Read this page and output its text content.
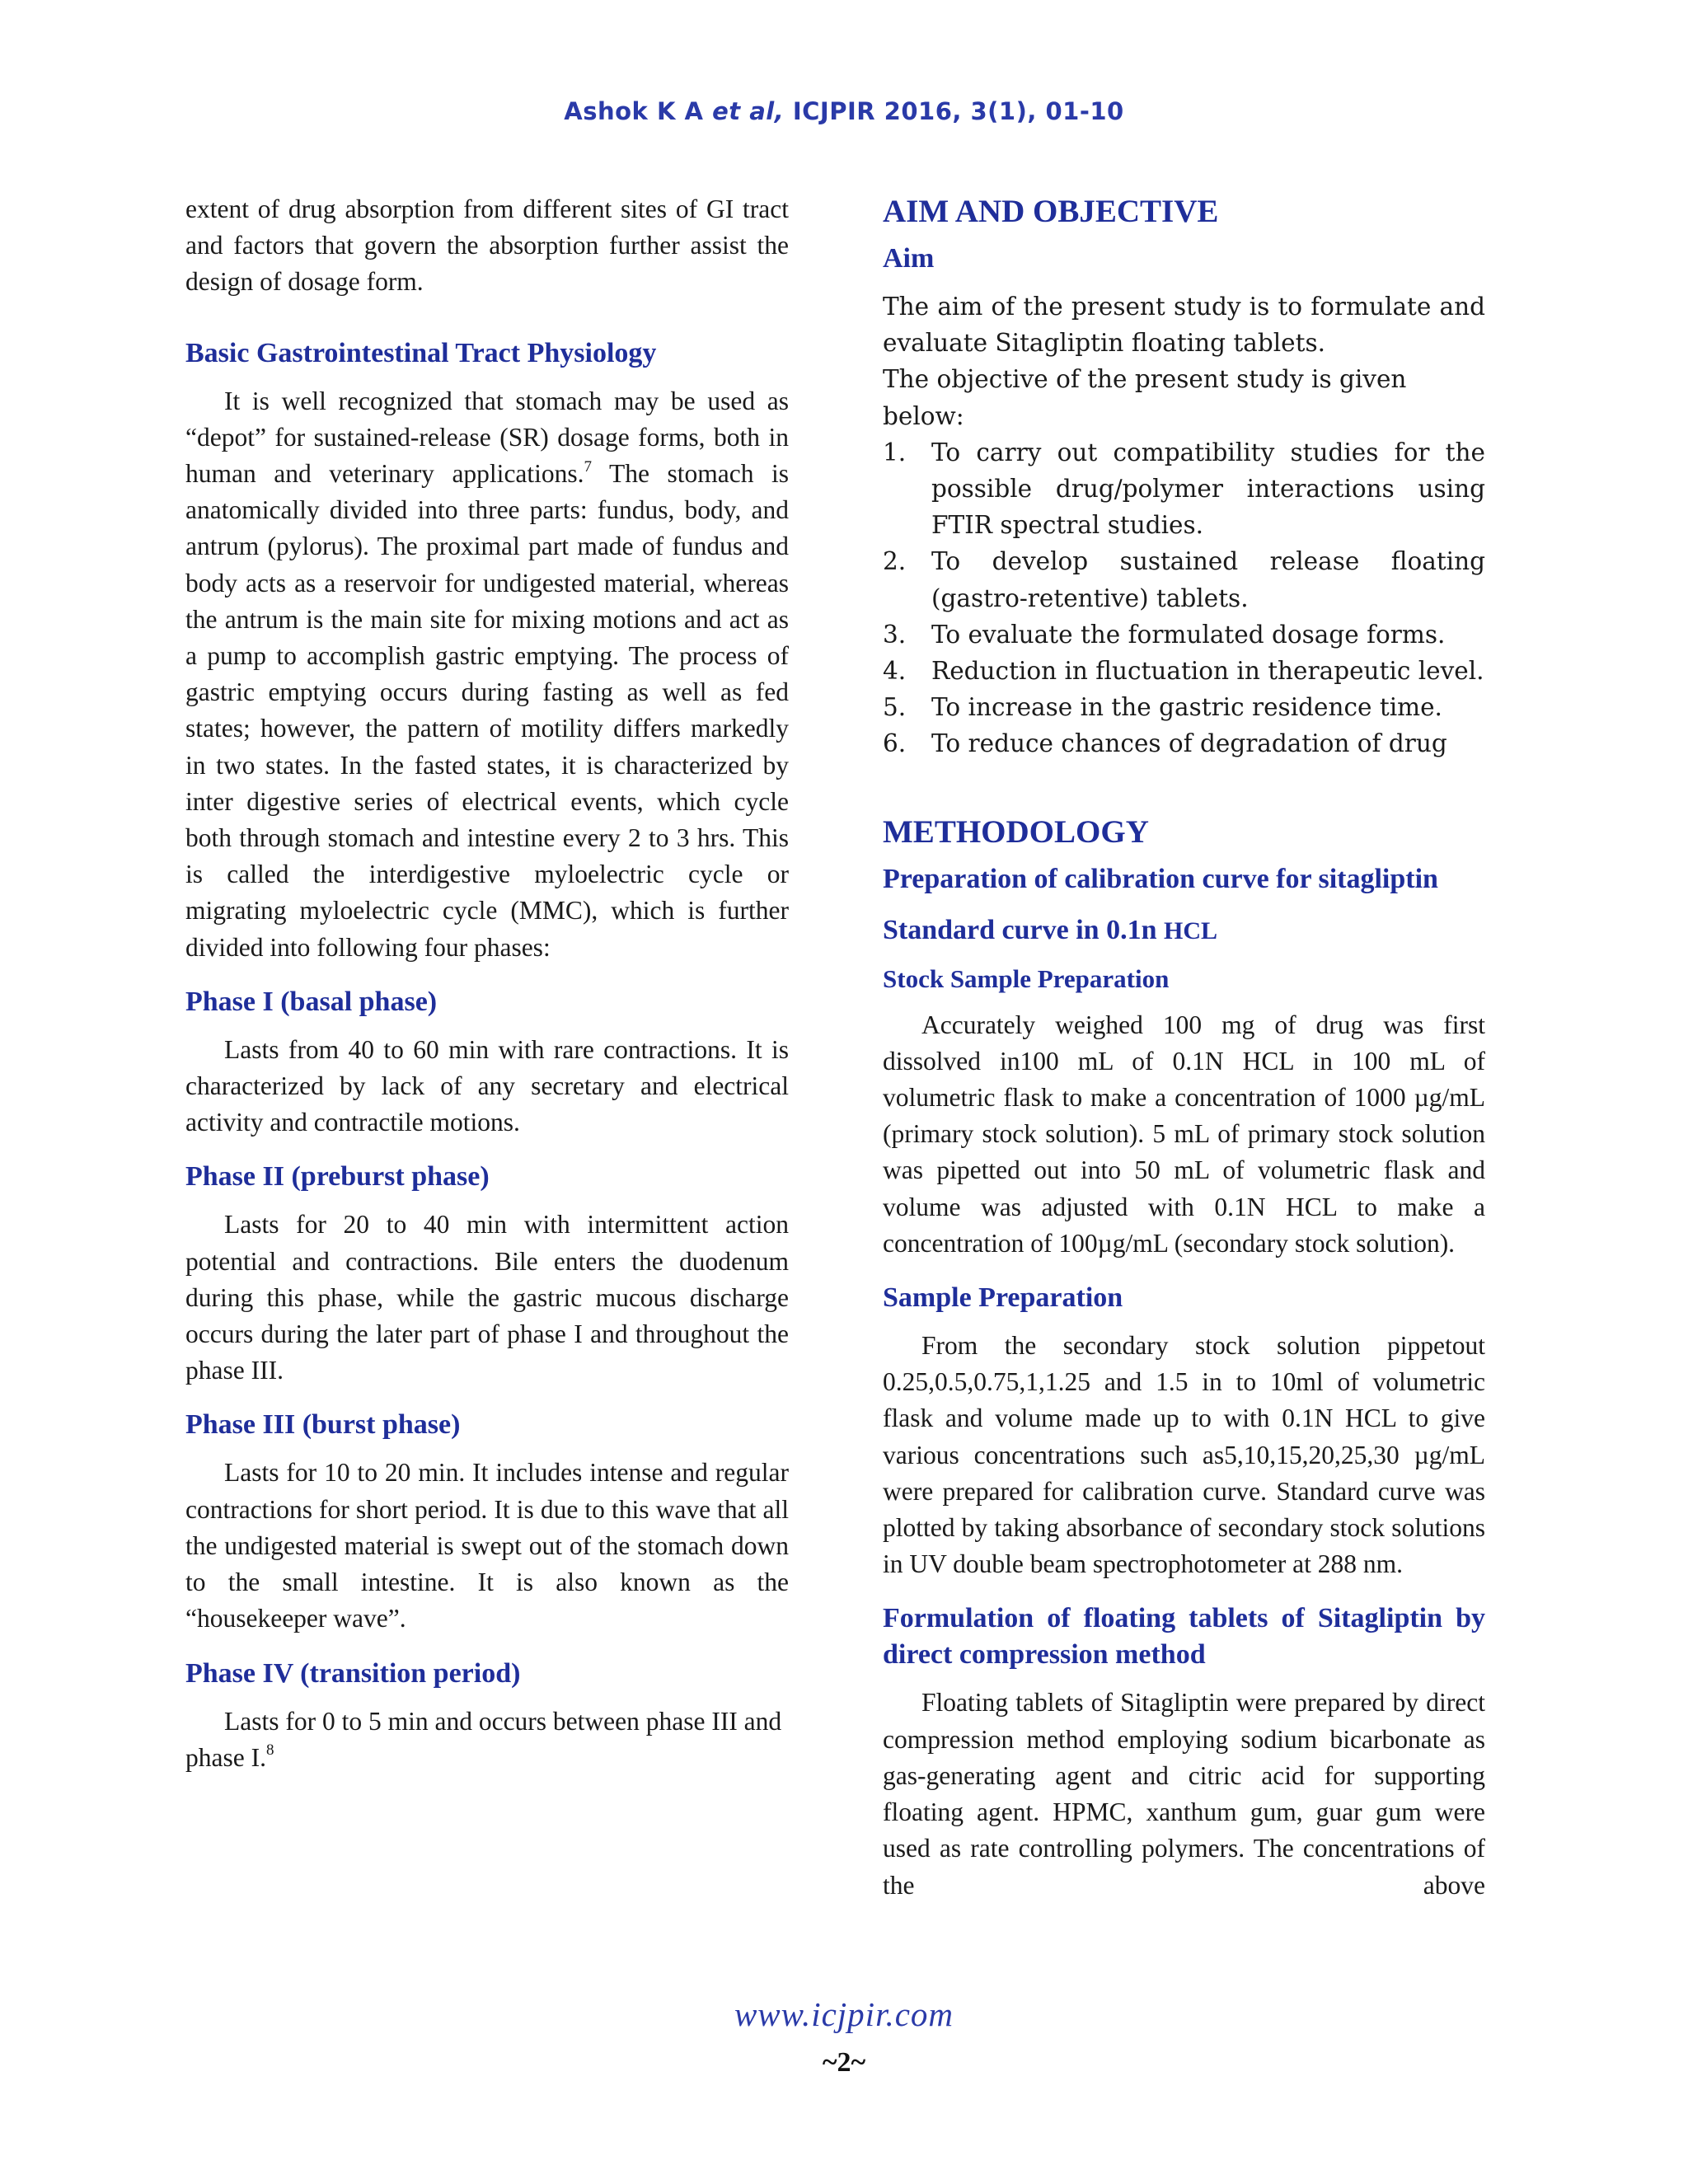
Ashok K A et al, ICJPIR 2016, 3(1), 01-10

extent of drug absorption from different sites of GI tract and factors that govern the absorption further assist the design of dosage form.

Basic Gastrointestinal Tract Physiology

It is well recognized that stomach may be used as “depot” for sustained-release (SR) dosage forms, both in human and veterinary applications.$^7$ The stomach is anatomically divided into three parts: fundus, body, and antrum (pylorus). The proximal part made of fundus and body acts as a reservoir for undigested material, whereas the antrum is the main site for mixing motions and act as a pump to accomplish gastric emptying. The process of gastric emptying occurs during fasting as well as fed states; however, the pattern of motility differs markedly in two states. In the fasted states, it is characterized by inter digestive series of electrical events, which cycle both through stomach and intestine every 2 to 3 hrs. This is called the interdigestive myloelectric cycle or migrating myloelectric cycle (MMC), which is further divided into following four phases:

Phase I (basal phase)

Lasts from 40 to 60 min with rare contractions. It is characterized by lack of any secretary and electrical activity and contractile motions.

Phase II (preburst phase)

Lasts for 20 to 40 min with intermittent action potential and contractions. Bile enters the duodenum during this phase, while the gastric mucous discharge occurs during the later part of phase I and throughout the phase III.

Phase III (burst phase)

Lasts for 10 to 20 min. It includes intense and regular contractions for short period. It is due to this wave that all the undigested material is swept out of the stomach down to the small intestine. It is also known as the “housekeeper wave”.

Phase IV (transition period)

Lasts for 0 to 5 min and occurs between phase III and phase I.$^8$

AIM AND OBJECTIVE
Aim

The aim of the present study is to formulate and evaluate Sitagliptin floating tablets.

The objective of the present study is given below:

1. To carry out compatibility studies for the possible drug/polymer interactions using FTIR spectral studies.
2. To develop sustained release floating (gastro-retentive) tablets.
3. To evaluate the formulated dosage forms.
4. Reduction in fluctuation in therapeutic level.
5. To increase in the gastric residence time.
6. To reduce chances of degradation of drug
METHODOLOGY
Preparation of calibration curve for sitagliptin
Standard curve in 0.1n HCL
Stock Sample Preparation

Accurately weighed 100 mg of drug was first dissolved in100 mL of 0.1N HCL in 100 mL of volumetric flask to make a concentration of 1000 µg/mL (primary stock solution). 5 mL of primary stock solution was pipetted out into 50 mL of volumetric flask and volume was adjusted with 0.1N HCL to make a concentration of 100µg/mL (secondary stock solution).

Sample Preparation

From the secondary stock solution pippetout 0.25,0.5,0.75,1,1.25 and 1.5 in to 10ml of volumetric flask and volume made up to with 0.1N HCL to give various concentrations such as5,10,15,20,25,30 µg/mL were prepared for calibration curve. Standard curve was plotted by taking absorbance of secondary stock solutions in UV double beam spectrophotometer at 288 nm.

Formulation of floating tablets of Sitagliptin by direct compression method

Floating tablets of Sitagliptin were prepared by direct compression method employing sodium bicarbonate as gas-generating agent and citric acid for supporting floating agent. HPMC, xanthum gum, guar gum were used as rate controlling polymers. The concentrations of the above

www.icjpir.com
~2~
